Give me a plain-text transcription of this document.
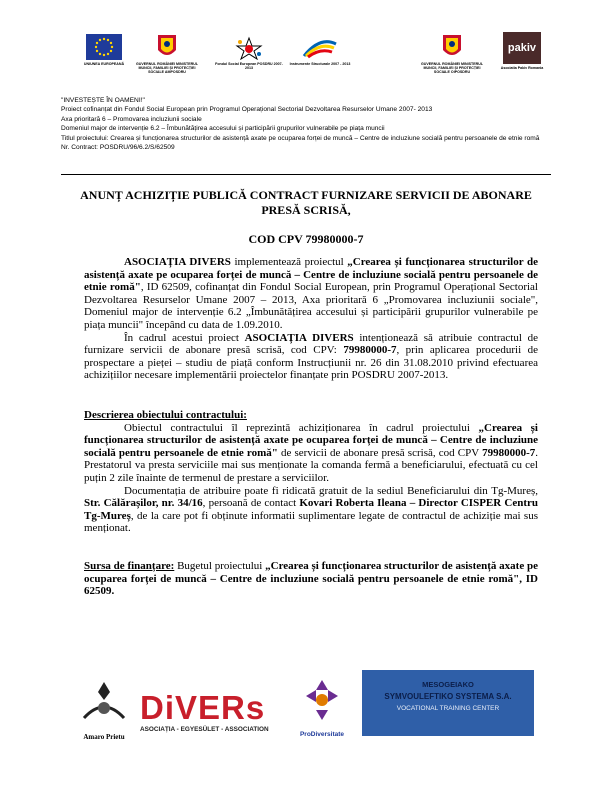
UNIUNEA EUROPEANĂ	GUVERNUL ROMÂNIEI MINISTERUL MUNCII, FAMILIEI ȘI PROTECȚIEI SOCIALE AMPOSDRU
Fondul Social European POSDRU 2007-2013
Instrumente Structurale 2007 - 2013	GUVERNUL ROMÂNIEI MINISTERUL MUNCII, FAMILIEI ȘI PROTECȚIEI SOCIALE OIPOSDRU
pakiv
Asociatia Pakiv Romania
"INVESTEȘTE ÎN OAMENI!"
Proiect cofinanțat din Fondul Social European prin Programul Operațional Sectorial Dezvoltarea Resurselor Umane 2007- 2013
Axa prioritară 6 – Promovarea incluziunii sociale
Domeniul major de intervenție 6.2 – Îmbunătățirea accesului și participării grupurilor vulnerabile pe piața muncii
Titlul proiectului: Crearea și funcționarea structurilor de asistență axate pe ocuparea forței de muncă – Centre de incluziune socială pentru persoanele de etnie romă
Nr. Contract: POSDRU/96/6.2/S/62509
ANUNȚ ACHIZIȚIE PUBLICĂ CONTRACT FURNIZARE SERVICII DE ABONARE PRESĂ SCRISĂ,
COD CPV 79980000-7

ASOCIAȚIA DIVERS implementează proiectul „Crearea și funcționarea structurilor de asistență axate pe ocuparea forței de muncă – Centre de incluziune socială pentru persoanele de etnie romă", ID 62509, cofinanțat din Fondul Social European, prin Programul Operațional Sectorial Dezvoltarea Resurselor Umane 2007 – 2013, Axa prioritară 6 „Promovarea incluziunii sociale", Domeniul major de intervenție 6.2 „Îmbunătățirea accesului și participării grupurilor vulnerabile pe piața muncii" începând cu data de 1.09.2010.

În cadrul acestui proiect ASOCIAȚIA DIVERS intenționează să atribuie contractul de furnizare servicii de abonare presă scrisă, cod CPV: 79980000-7, prin aplicarea procedurii de prospectare a pieței – studiu de piață conform Instrucțiunii nr. 26 din 31.08.2010 privind efectuarea achizițiilor necesare implementării proiectelor finanțate prin POSDRU 2007-2013.

Descrierea obiectului contractului:

Obiectul contractului îl reprezintă achiziționarea în cadrul proiectului „Crearea și funcționarea structurilor de asistență axate pe ocuparea forței de muncă – Centre de incluziune socială pentru persoanele de etnie romă" de servicii de abonare presă scrisă, cod CPV 79980000-7. Prestatorul va presta serviciile mai sus menționate la comanda fermă a beneficiarului, efectuată cu cel puțin 2 zile înainte de termenul de prestare a serviciilor.

Documentația de atribuire poate fi ridicată gratuit de la sediul Beneficiarului din Tg-Mureș, Str. Călărașilor, nr. 34/16, persoană de contact Kovari Roberta Ileana – Director CISPER Centru Tg-Mureș, de la care pot fi obținute informatii suplimentare legate de contractul de achiziție mai sus menționat.

Sursa de finanțare: Bugetul proiectului „Crearea și funcționarea structurilor de asistență axate pe ocuparea forței de muncă – Centre de incluziune socială pentru persoanele de etnie romă", ID 62509.

Amaro Prietu
DiVERs
ASOCIAȚIA - EGYESÜLET - ASSOCIATION
ProDiversitate
MESOGEIAKO
SYMVOULEFTIKO SYSTEMA S.A.
VOCATIONAL TRAINING CENTER
